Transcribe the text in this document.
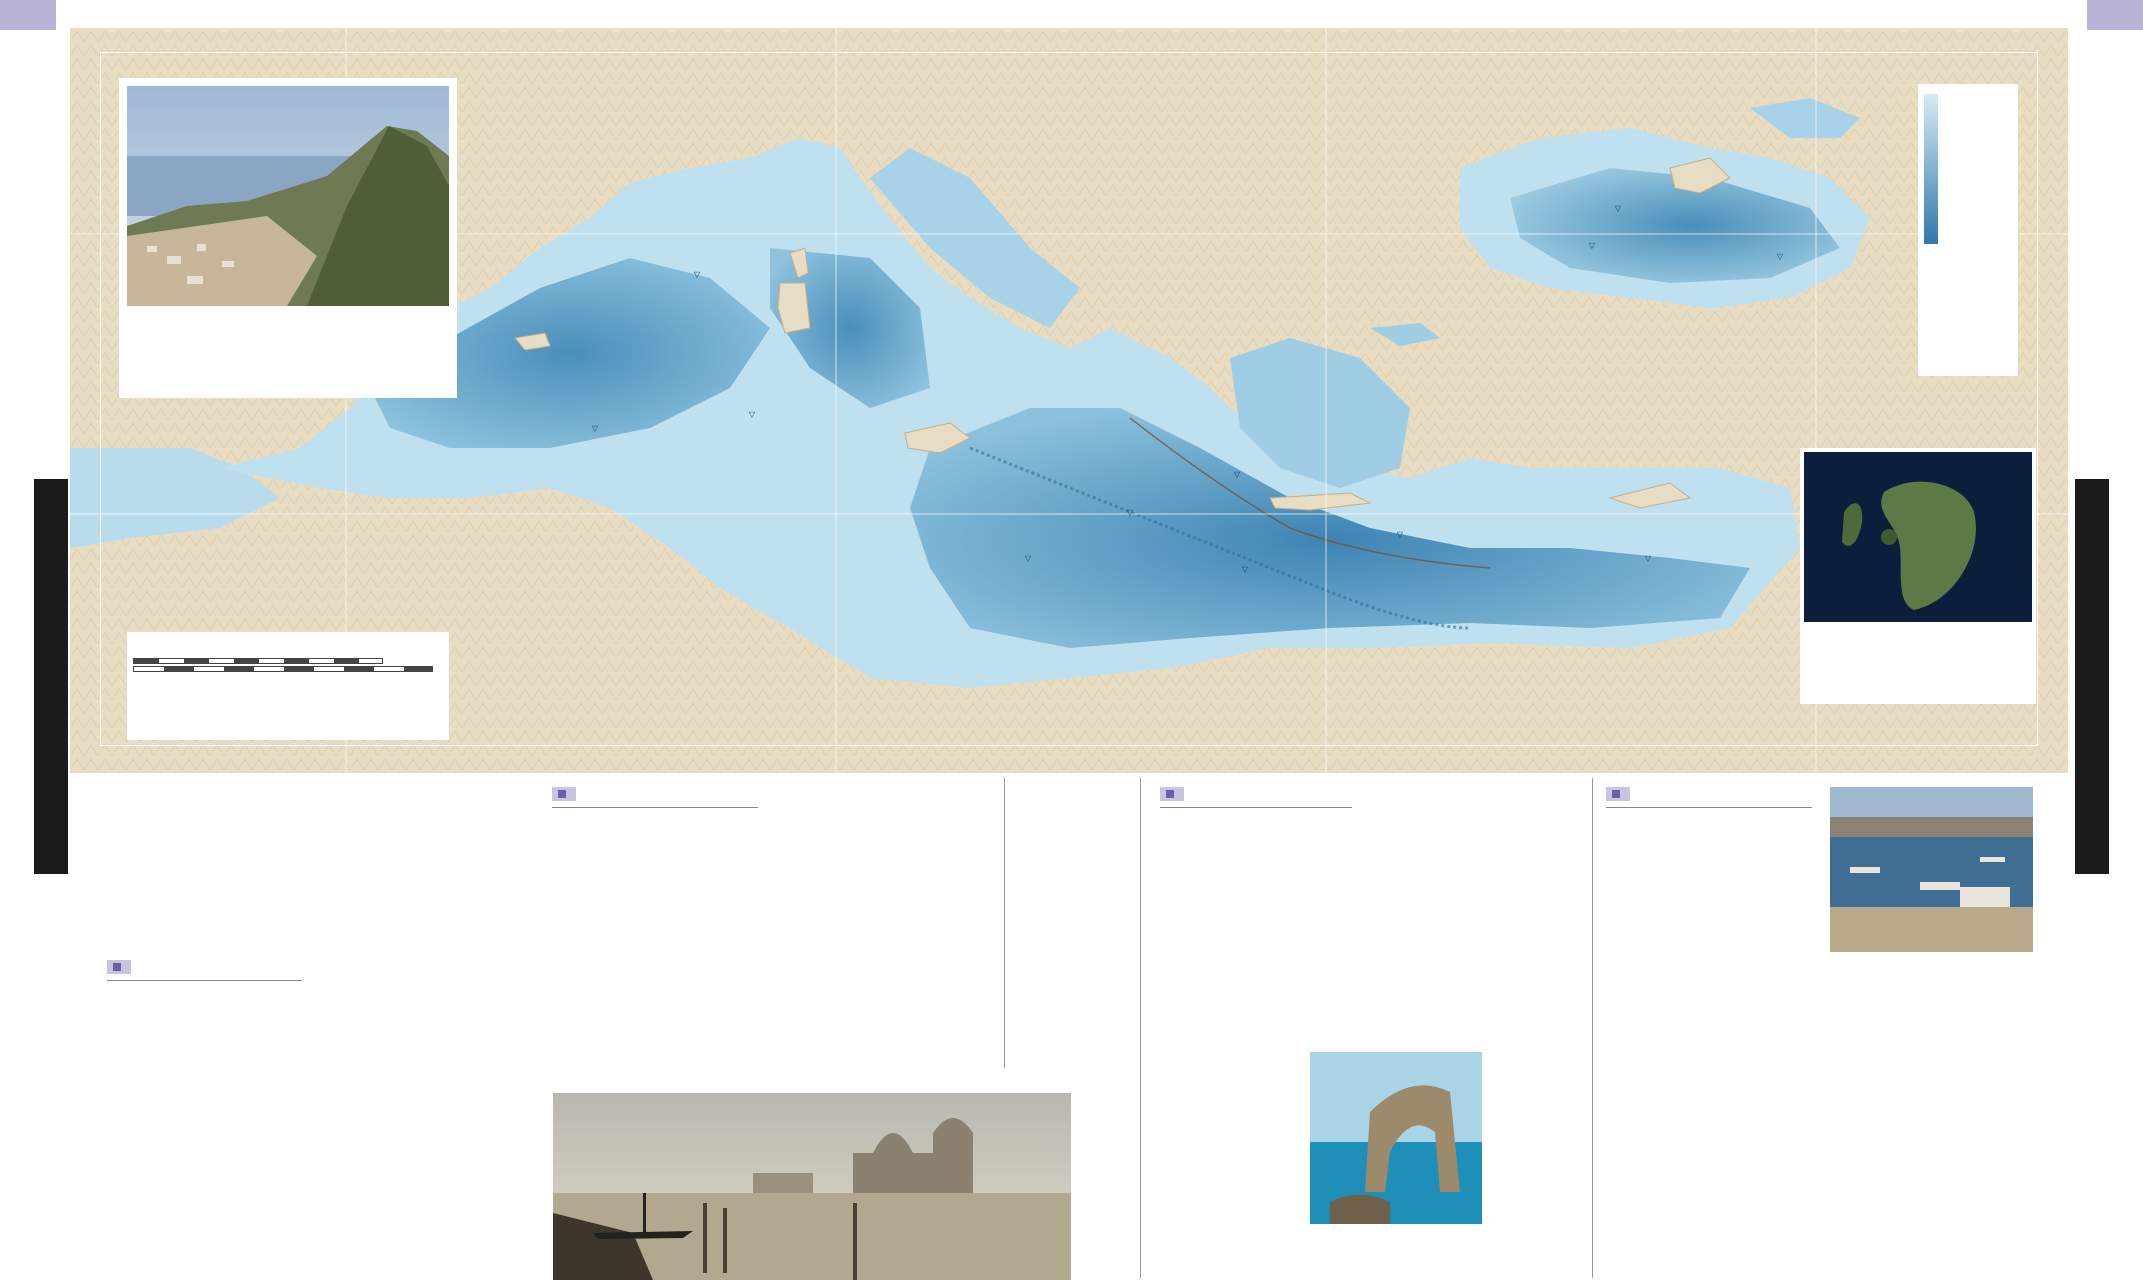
▽
▽
▽
▽
▽
▽
▽
▽
▽
▽
▽
▽
